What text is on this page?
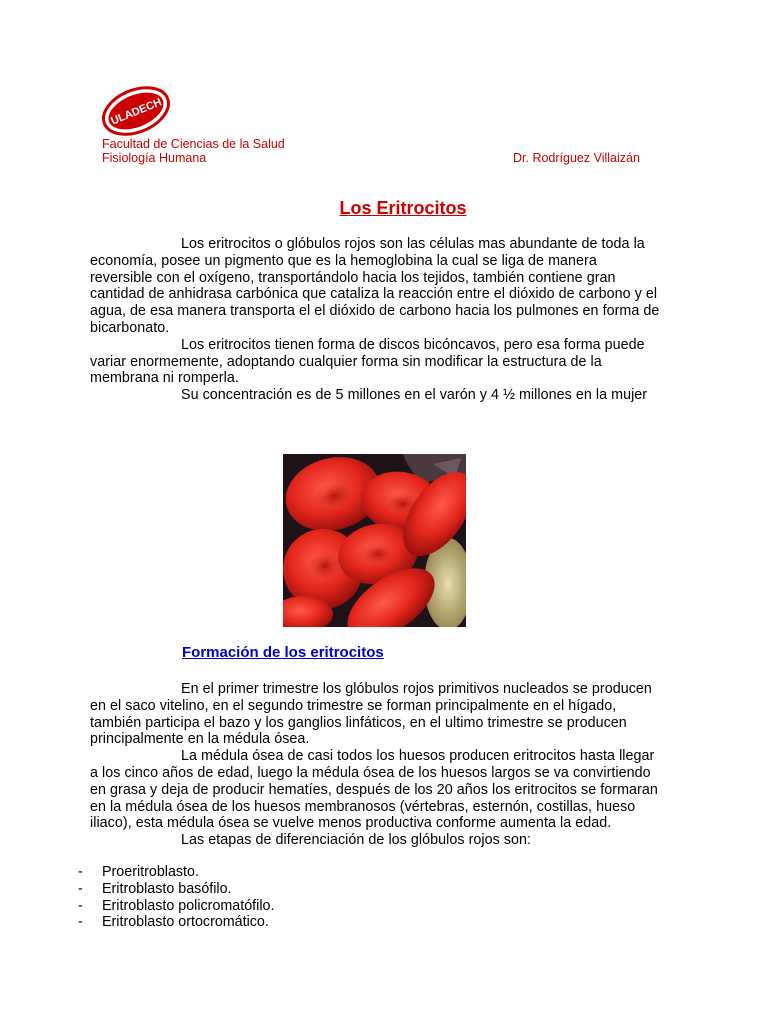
ULADECH
Facultad de Ciencias de la Salud
Fisiología Humana	Dr. Rodríguez Villaizán
Los Eritrocitos

Los eritrocitos o glóbulos rojos son las células mas abundante de toda la economía, posee un pigmento que es la hemoglobina la cual se liga de manera reversible con el oxígeno, transportándolo hacia los tejidos, también contiene gran cantidad de anhidrasa carbónica que cataliza la reacción entre el dióxido de carbono y el agua, de esa manera transporta el el dióxido de carbono hacia los pulmones en forma de bicarbonato.

Los eritrocitos tienen forma de discos bicóncavos, pero esa forma puede variar enormemente, adoptando cualquier forma sin modificar la estructura de la membrana ni romperla.

Su concentración es de 5 millones en el varón y 4 ½ millones en la mujer

Formación de los eritrocitos

En el primer trimestre los glóbulos rojos primitivos nucleados se producen en el saco vitelino, en el segundo trimestre se forman principalmente en el hígado, también participa el bazo y los ganglios linfáticos, en el ultimo trimestre se producen principalmente en la médula ósea.

La médula ósea de casi todos los huesos producen eritrocitos hasta llegar a los cinco años de edad, luego la médula ósea de los huesos largos se va convirtiendo en grasa y deja de producir hematíes, después de los 20 años los eritrocitos se formaran en la médula ósea de los huesos membranosos (vértebras, esternón, costillas, hueso iliaco), esta médula ósea se vuelve menos productiva conforme aumenta la edad.

Las etapas de diferenciación de los glóbulos rojos son:

- Proeritroblasto.
- Eritroblasto basófilo.
- Eritroblasto policromatófilo.
- Eritroblasto ortocromático.
